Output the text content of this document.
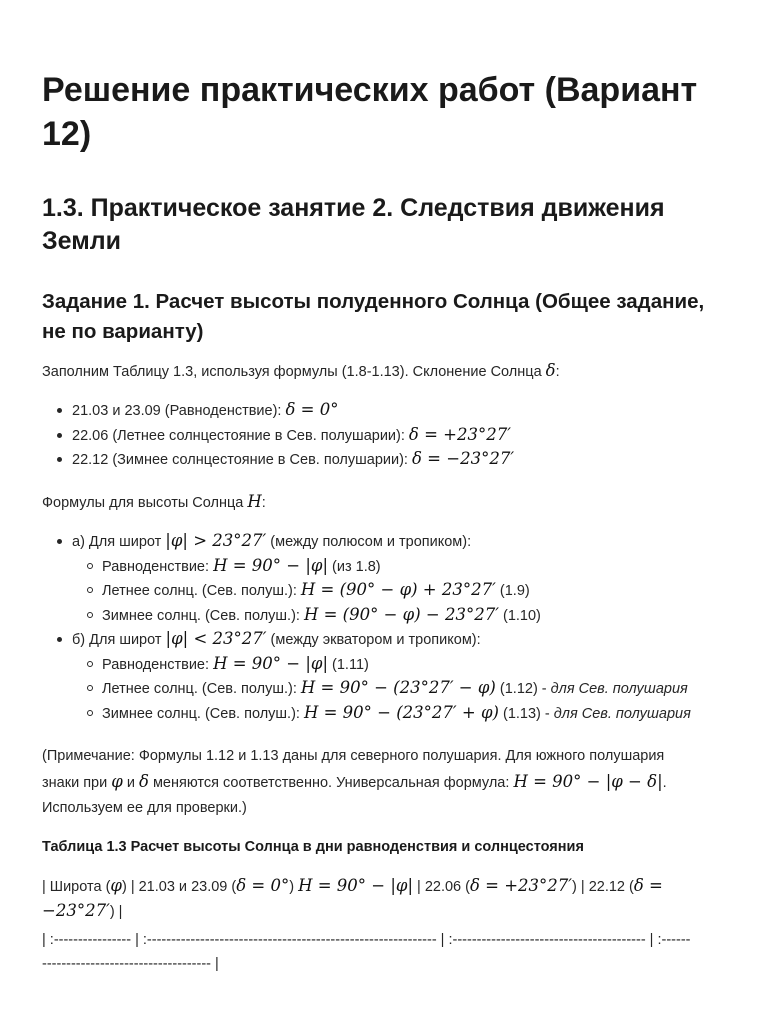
Решение практических работ (Вариант 12)
1.3. Практическое занятие 2. Следствия движения Земли
Задание 1. Расчет высоты полуденного Солнца (Общее задание, не по варианту)
Заполним Таблицу 1.3, используя формулы (1.8-1.13). Склонение Солнца δ:
21.03 и 23.09 (Равноденствие): δ = 0°
22.06 (Летнее солнцестояние в Сев. полушарии): δ = +23°27′
22.12 (Зимнее солнцестояние в Сев. полушарии): δ = −23°27′
Формулы для высоты Солнца H:
а) Для широт |φ| > 23°27′ (между полюсом и тропиком):
Равноденствие: H = 90° − |φ| (из 1.8)
Летнее солнц. (Сев. полуш.): H = (90° − φ) + 23°27′ (1.9)
Зимнее солнц. (Сев. полуш.): H = (90° − φ) − 23°27′ (1.10)
б) Для широт |φ| < 23°27′ (между экватором и тропиком):
Равноденствие: H = 90° − |φ| (1.11)
Летнее солнц. (Сев. полуш.): H = 90° − (23°27′ − φ) (1.12) - для Сев. полушария
Зимнее солнц. (Сев. полуш.): H = 90° − (23°27′ + φ) (1.13) - для Сев. полушария
(Примечание: Формулы 1.12 и 1.13 даны для северного полушария. Для южного полушария
знаки при φ и δ меняются соответственно. Универсальная формула: H = 90° − |φ − δ|.
Используем ее для проверки.)
Таблица 1.3 Расчет высоты Солнца в дни равноденствия и солнцестояния
| Широта (φ) | 21.03 и 23.09 (δ = 0°) H = 90° − |φ| | 22.06 (δ = +23°27′) | 22.12 (δ =
−23°27′) |
| :---------------- | :------------------------------------------------------------ | :---------------------------------------- | :------
----------------------------------- |
